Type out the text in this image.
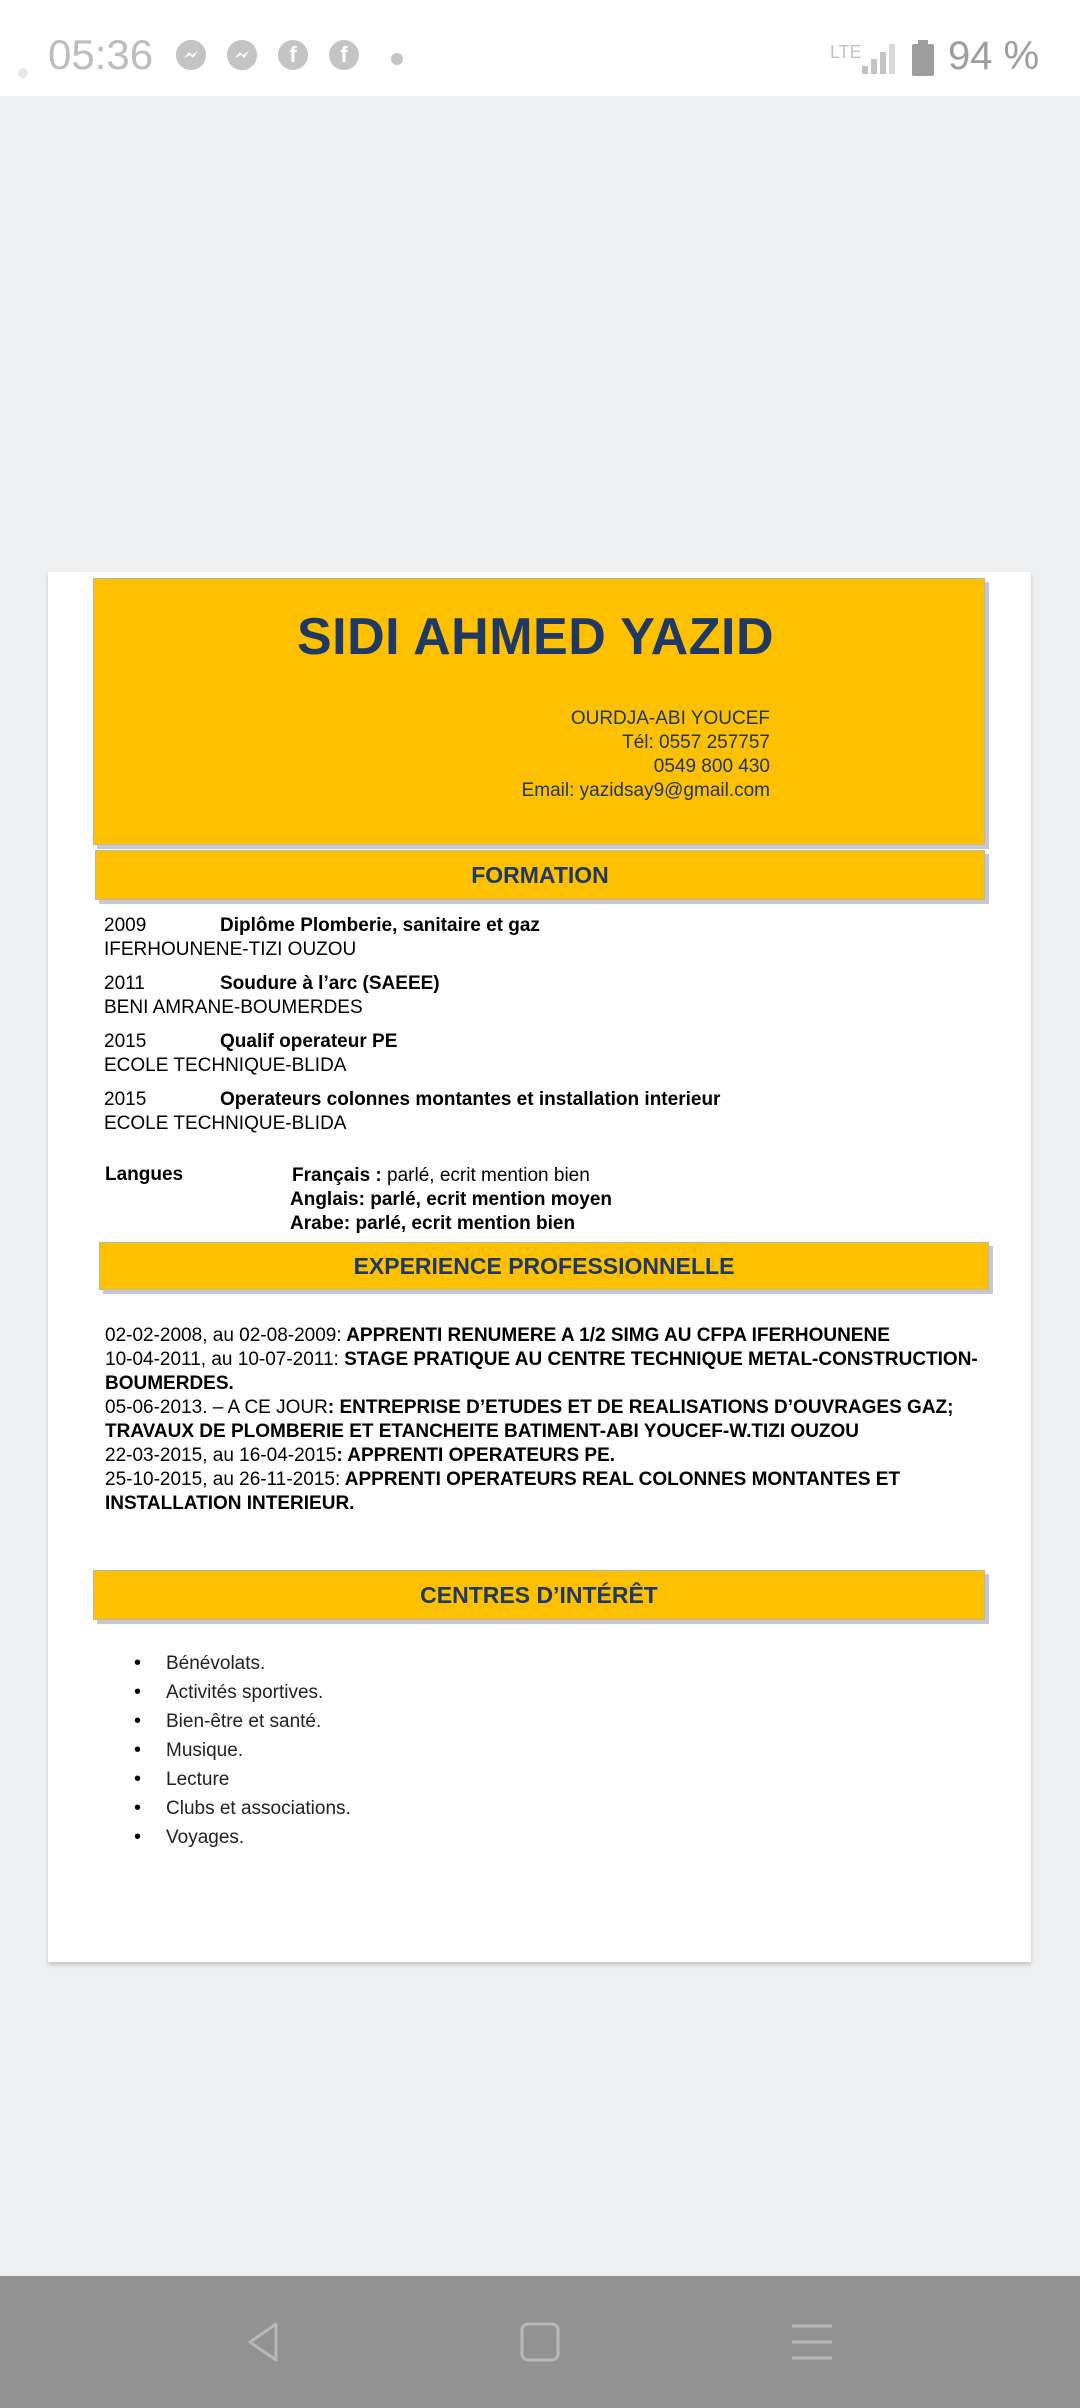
05:36	f	f	LTE 94 %
SIDI AHMED YAZID
OURDJA-ABI YOUCEF
Tél: 0557 257757
0549 800 430
Email: yazidsay9@gmail.com
FORMATION
2009	Diplôme Plomberie, sanitaire et gaz
IFERHOUNENE-TIZI OUZOU
2011	Soudure à l’arc (SAEEE)
BENI AMRANE-BOUMERDES
2015	Qualif operateur PE
ECOLE TECHNIQUE-BLIDA
2015	Operateurs colonnes montantes et installation interieur
ECOLE TECHNIQUE-BLIDA
Langues	Français : parlé, ecrit mention bien
Anglais: parlé, ecrit mention moyen
Arabe: parlé, ecrit mention bien
EXPERIENCE PROFESSIONNELLE
02-02-2008, au 02-08-2009: APPRENTI RENUMERE A 1/2 SIMG AU CFPA IFERHOUNENE
10-04-2011, au 10-07-2011: STAGE PRATIQUE AU CENTRE TECHNIQUE METAL-CONSTRUCTION-BOUMERDES.
05-06-2013. – A CE JOUR: ENTREPRISE D’ETUDES ET DE REALISATIONS D’OUVRAGES GAZ; TRAVAUX DE PLOMBERIE ET ETANCHEITE BATIMENT-ABI YOUCEF-W.TIZI OUZOU
22-03-2015, au 16-04-2015: APPRENTI OPERATEURS PE.
25-10-2015, au 26-11-2015: APPRENTI OPERATEURS REAL COLONNES MONTANTES ET INSTALLATION INTERIEUR.
CENTRES D’INTÉRÊT
• Bénévolats.
• Activités sportives.
• Bien-être et santé.
• Musique.
• Lecture
• Clubs et associations.
• Voyages.
